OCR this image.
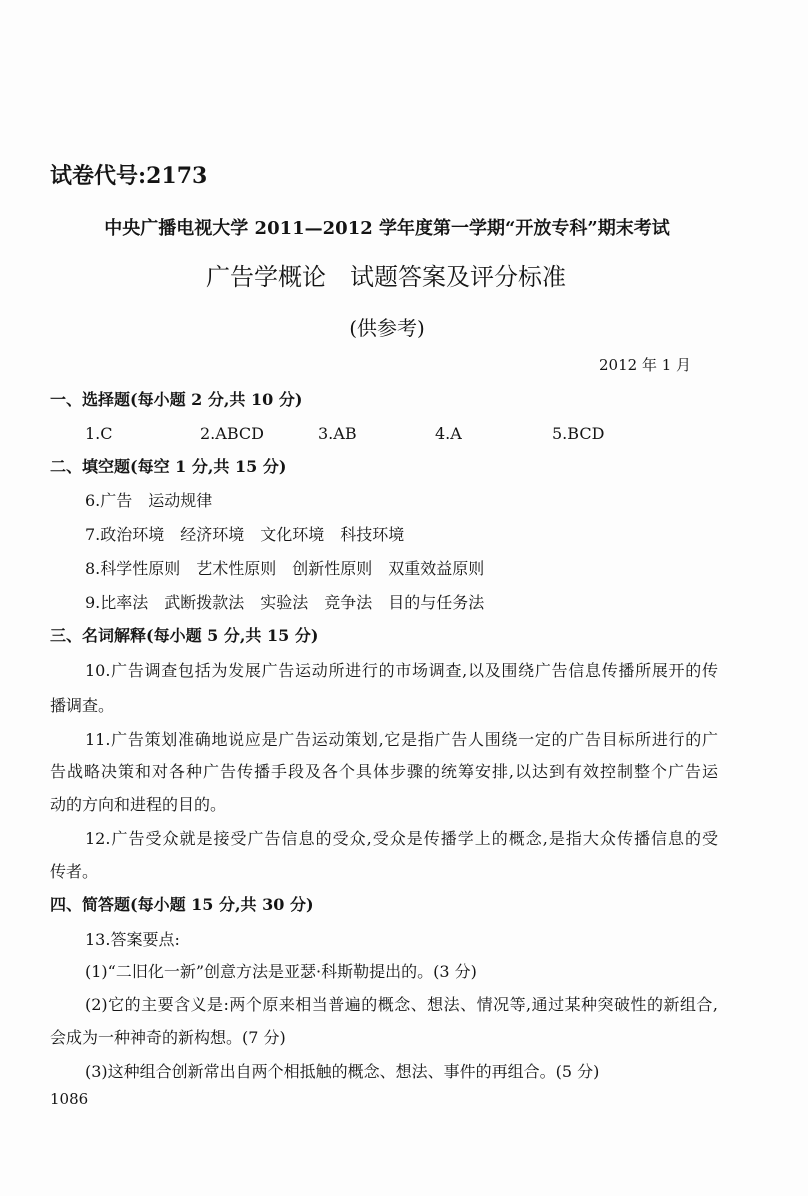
试卷代号:2173
中央广播电视大学 2011—2012 学年度第一学期“开放专科”期末考试
广告学概论　试题答案及评分标准
(供参考)
2012 年 1 月
一、选择题(每小题 2 分,共 10 分)
1.C	2.ABCD	3.AB	4.A	5.BCD
二、填空题(每空 1 分,共 15 分)
6.广告　运动规律
7.政治环境　经济环境　文化环境　科技环境
8.科学性原则　艺术性原则　创新性原则　双重效益原则
9.比率法　武断拨款法　实验法　竞争法　目的与任务法
三、名词解释(每小题 5 分,共 15 分)
10.广告调查包括为发展广告运动所进行的市场调查,以及围绕广告信息传播所展开的传
播调查。
11.广告策划准确地说应是广告运动策划,它是指广告人围绕一定的广告目标所进行的广
告战略决策和对各种广告传播手段及各个具体步骤的统筹安排,以达到有效控制整个广告运
动的方向和进程的目的。
12.广告受众就是接受广告信息的受众,受众是传播学上的概念,是指大众传播信息的受
传者。
四、简答题(每小题 15 分,共 30 分)
13.答案要点:
(1)“二旧化一新”创意方法是亚瑟·科斯勒提出的。(3 分)
(2)它的主要含义是:两个原来相当普遍的概念、想法、情况等,通过某种突破性的新组合,
会成为一种神奇的新构想。(7 分)
(3)这种组合创新常出自两个相抵触的概念、想法、事件的再组合。(5 分)
1086
